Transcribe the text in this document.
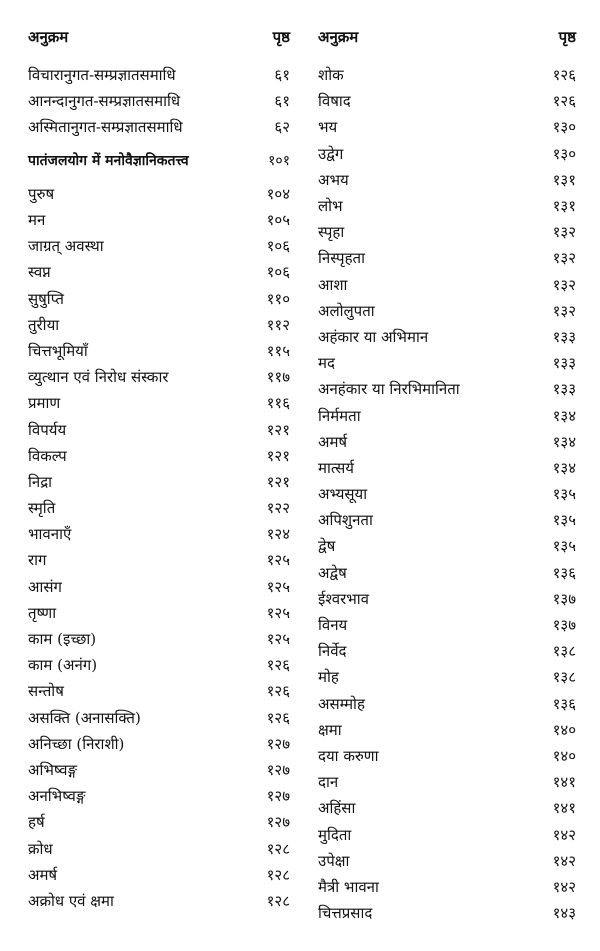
अनुक्रम	पृष्ठ
विचारानुगत-सम्प्रज्ञातसमाधि	६१
आनन्दानुगत-सम्प्रज्ञातसमाधि	६१
अस्मितानुगत-सम्प्रज्ञातसमाधि	६२
पातंजलयोग में मनोवैज्ञानिकतत्त्व	१०१
पुरुष	१०४
मन	१०५
जाग्रत् अवस्था	१०६
स्वप्न	१०६
सुषुप्ति	११०
तुरीया	११२
चित्तभूमियाँ	११५
व्युत्थान एवं निरोध संस्कार	११७
प्रमाण	११६
विपर्यय	१२१
विकल्प	१२१
निद्रा	१२१
स्मृति	१२२
भावनाएँ	१२४
राग	१२५
आसंग	१२५
तृष्णा	१२५
काम (इच्छा)	१२५
काम (अनंग)	१२६
सन्तोष	१२६
असक्ति (अनासक्ति)	१२६
अनिच्छा (निराशी)	१२७
अभिष्वङ्ग	१२७
अनभिष्वङ्ग	१२७
हर्ष	१२७
क्रोध	१२८
अमर्ष	१२८
अक्रोध एवं क्षमा	१२८
अनुक्रम	पृष्ठ
शोक	१२६
विषाद	१२६
भय	१३०
उद्वेग	१३०
अभय	१३१
लोभ	१३१
स्पृहा	१३२
निस्पृहता	१३२
आशा	१३२
अलोलुपता	१३२
अहंकार या अभिमान	१३३
मद	१३३
अनहंकार या निरभिमानिता	१३३
निर्ममता	१३४
अमर्ष	१३४
मात्सर्य	१३४
अभ्यसूया	१३५
अपिशुनता	१३५
द्वेष	१३५
अद्वेष	१३६
ईश्वरभाव	१३७
विनय	१३७
निर्वेद	१३८
मोह	१३८
असम्मोह	१३६
क्षमा	१४०
दया करुणा	१४०
दान	१४१
अहिंसा	१४१
मुदिता	१४२
उपेक्षा	१४२
मैत्री भावना	१४२
चित्तप्रसाद	१४३
